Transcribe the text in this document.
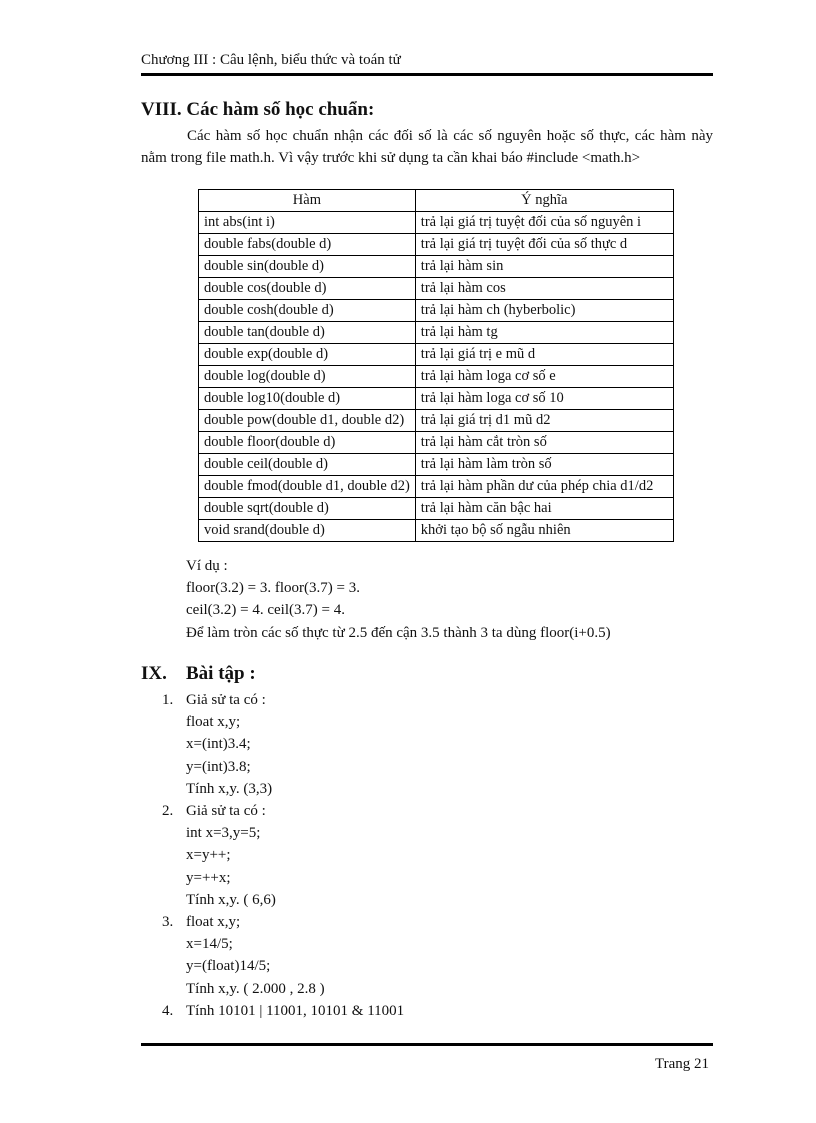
Chương III : Câu lệnh, biểu thức và toán tử
VIII. Các hàm số học chuẩn:
Các hàm số học chuẩn nhận các đối số là các số nguyên hoặc số thực, các hàm này
nằm trong file math.h. Vì vậy trước khi sử dụng ta cần khai báo #include <math.h>
Hàm	Ý nghĩa
int abs(int i)	trả lại giá trị tuyệt đối của số nguyên i
double fabs(double d)	trả lại giá trị tuyệt đối của số thực d
double sin(double d)	trả lại hàm sin
double cos(double d)	trả lại hàm cos
double cosh(double d)	trả lại hàm ch (hyberbolic)
double tan(double d)	trả lại hàm tg
double exp(double d)	trả lại giá trị e mũ d
double log(double d)	trả lại hàm loga cơ số e
double log10(double d)	trả lại hàm loga cơ số 10
double pow(double d1, double d2)	trả lại giá trị d1 mũ d2
double floor(double d)	trả lại hàm cắt tròn số
double ceil(double d)	trả lại hàm làm tròn số
double fmod(double d1, double d2)	trả lại hàm phần dư của phép chia d1/d2
double sqrt(double d)	trả lại hàm căn bậc hai
void srand(double d)	khởi tạo bộ số ngẫu nhiên
Ví dụ :
floor(3.2) = 3. floor(3.7) = 3.
ceil(3.2) = 4. ceil(3.7) = 4.
Để làm tròn các số thực từ 2.5 đến cận 3.5 thành 3 ta dùng floor(i+0.5)
IX. Bài tập :
1. Giả sử ta có :
float x,y;
x=(int)3.4;
y=(int)3.8;
Tính x,y. (3,3)
2. Giả sử ta có :
int x=3,y=5;
x=y++;
y=++x;
Tính x,y. ( 6,6)
3. float x,y;
x=14/5;
y=(float)14/5;
Tính x,y. ( 2.000 , 2.8 )
4. Tính 10101 | 11001, 10101 & 11001
Trang 21
